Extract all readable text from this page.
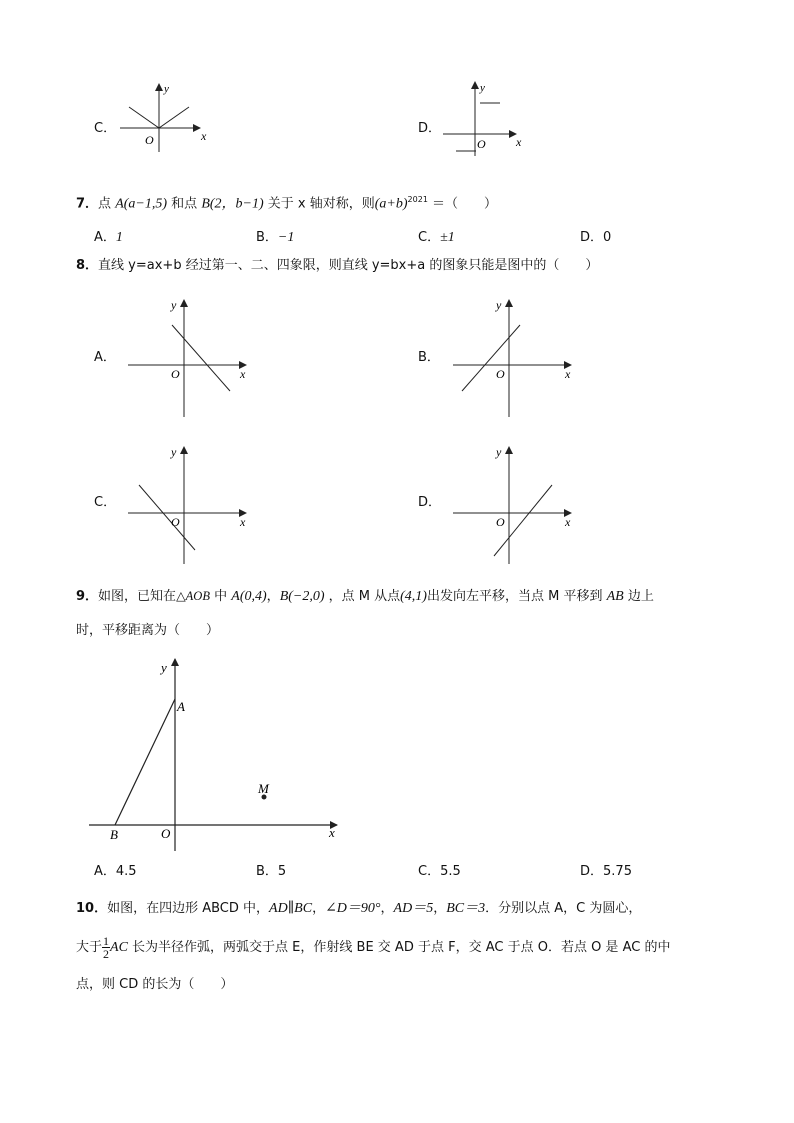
C．
y
x
O
D．
y
x
O
7．点 A(a−1,5) 和点 B(2，b−1) 关于 x 轴对称，则$(a+b)^{2021}$ ＝（　　）
A．1	B．−1	C．±1	D．0
8．直线 y=ax+b 经过第一、二、四象限，则直线 y=bx+a 的图象只能是图中的（　　）
A．
y
x
O
B．
y
x
O
C．
y
x
O
D．
y
x
O
9．如图，已知在△AOB 中 A(0,4)，B(−2,0) ，点 M 从点(4,1)出发向左平移，当点 M 平移到 AB 边上
时，平移距离为（　　）
y
x
A
B	O
M
A．4.5	B．5	C．5.5	D．5.75
10．如图，在四边形 ABCD 中，AD∥BC，∠D＝90°，AD＝5，BC＝3．分别以点 A，C 为圆心，
大于 $\frac{1}{2}$ AC 长为半径作弧，两弧交于点 E，作射线 BE 交 AD 于点 F，交 AC 于点 O．若点 O 是 AC 的中
点，则 CD 的长为（　　）
